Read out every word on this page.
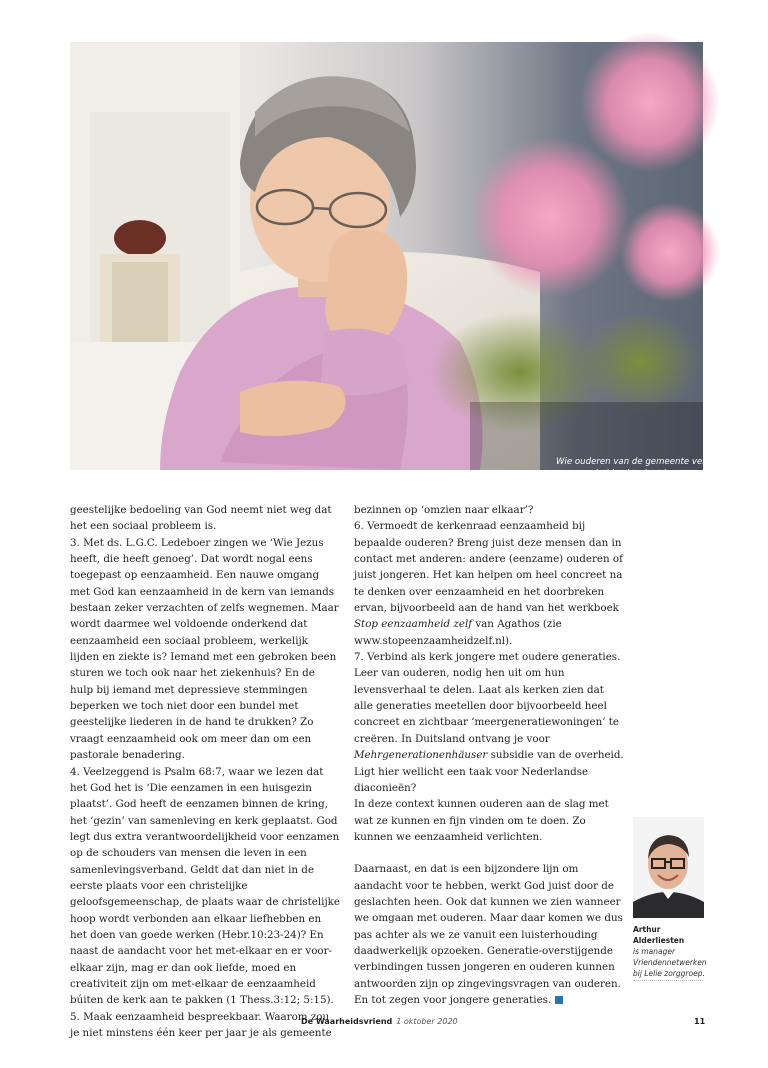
Wie ouderen van de gemeente vergeet of hen in eenzaamheid achterlaat in een verzorgingshuis, amputeert een deel van het lichaam van Christus.

geestelijke bedoeling van God neemt niet weg dat het een sociaal probleem is.

3. Met ds. L.G.C. Ledeboer zingen we ‘Wie Jezus heeft, die heeft genoeg’. Dat wordt nogal eens toegepast op eenzaamheid. Een nauwe omgang met God kan eenzaamheid in de kern van iemands bestaan zeker verzachten of zelfs wegnemen. Maar wordt daarmee wel voldoende onderkend dat eenzaamheid een sociaal probleem, werkelijk lijden en ziekte is? Iemand met een gebroken been sturen we toch ook naar het ziekenhuis? En de hulp bij iemand met depressieve stemmingen beperken we toch niet door een bundel met geestelijke liederen in de hand te drukken? Zo vraagt eenzaamheid ook om meer dan om een pastorale benadering.

4. Veelzeggend is Psalm 68:7, waar we lezen dat het God het is ‘Die eenzamen in een huisgezin plaatst’. God heeft de eenzamen binnen de kring, het ‘gezin’ van samenleving en kerk geplaatst. God legt dus extra verantwoordelijkheid voor eenzamen op de schouders van mensen die leven in een samenlevingsverband. Geldt dat dan niet in de eerste plaats voor een christelijke geloofsgemeenschap, de plaats waar de christelijke hoop wordt verbonden aan elkaar liefhebben en het doen van goede werken (Hebr.10:23-24)? En naast de aandacht voor het met-elkaar en er voor-elkaar zijn, mag er dan ook liefde, moed en creativiteit zijn om met-elkaar de eenzaamheid búiten de kerk aan te pakken (1 Thess.3:12; 5:15).

5. Maak eenzaamheid bespreekbaar. Waarom zou je niet minstens één keer per jaar je als gemeente

bezinnen op ‘omzien naar elkaar’?

6. Vermoedt de kerkenraad eenzaamheid bij bepaalde ouderen? Breng juist deze mensen dan in contact met anderen: andere (eenzame) ouderen of juist jongeren. Het kan helpen om heel concreet na te denken over eenzaamheid en het doorbreken ervan, bijvoorbeeld aan de hand van het werkboek Stop eenzaamheid zelf van Agathos (zie www.stopeenzaamheidzelf.nl).

7. Verbind als kerk jongere met oudere generaties. Leer van ouderen, nodig hen uit om hun levensverhaal te delen. Laat als kerken zien dat alle generaties meetellen door bijvoorbeeld heel concreet en zichtbaar ‘meergeneratiewoningen’ te creëren. In Duitsland ontvang je voor Mehrgenerationenhäuser subsidie van de overheid. Ligt hier wellicht een taak voor Nederlandse diaconieën?

In deze context kunnen ouderen aan de slag met wat ze kunnen en fijn vinden om te doen. Zo kunnen we eenzaamheid verlichten.

Daarnaast, en dat is een bijzondere lijn om aandacht voor te hebben, werkt God juist door de geslachten heen. Ook dat kunnen we zien wanneer we omgaan met ouderen. Maar daar komen we dus pas achter als we ze vanuit een luisterhouding daadwerkelijk opzoeken. Generatie-overstijgende verbindingen tussen jongeren en ouderen kunnen antwoorden zijn op zingevingsvragen van ouderen. En tot zegen voor jongere generaties.

Arthur Alderliesten
is manager Vriendennetwerken bij Lelie zorggroep.
De Waarheidsvriend 1 oktober 2020	11
